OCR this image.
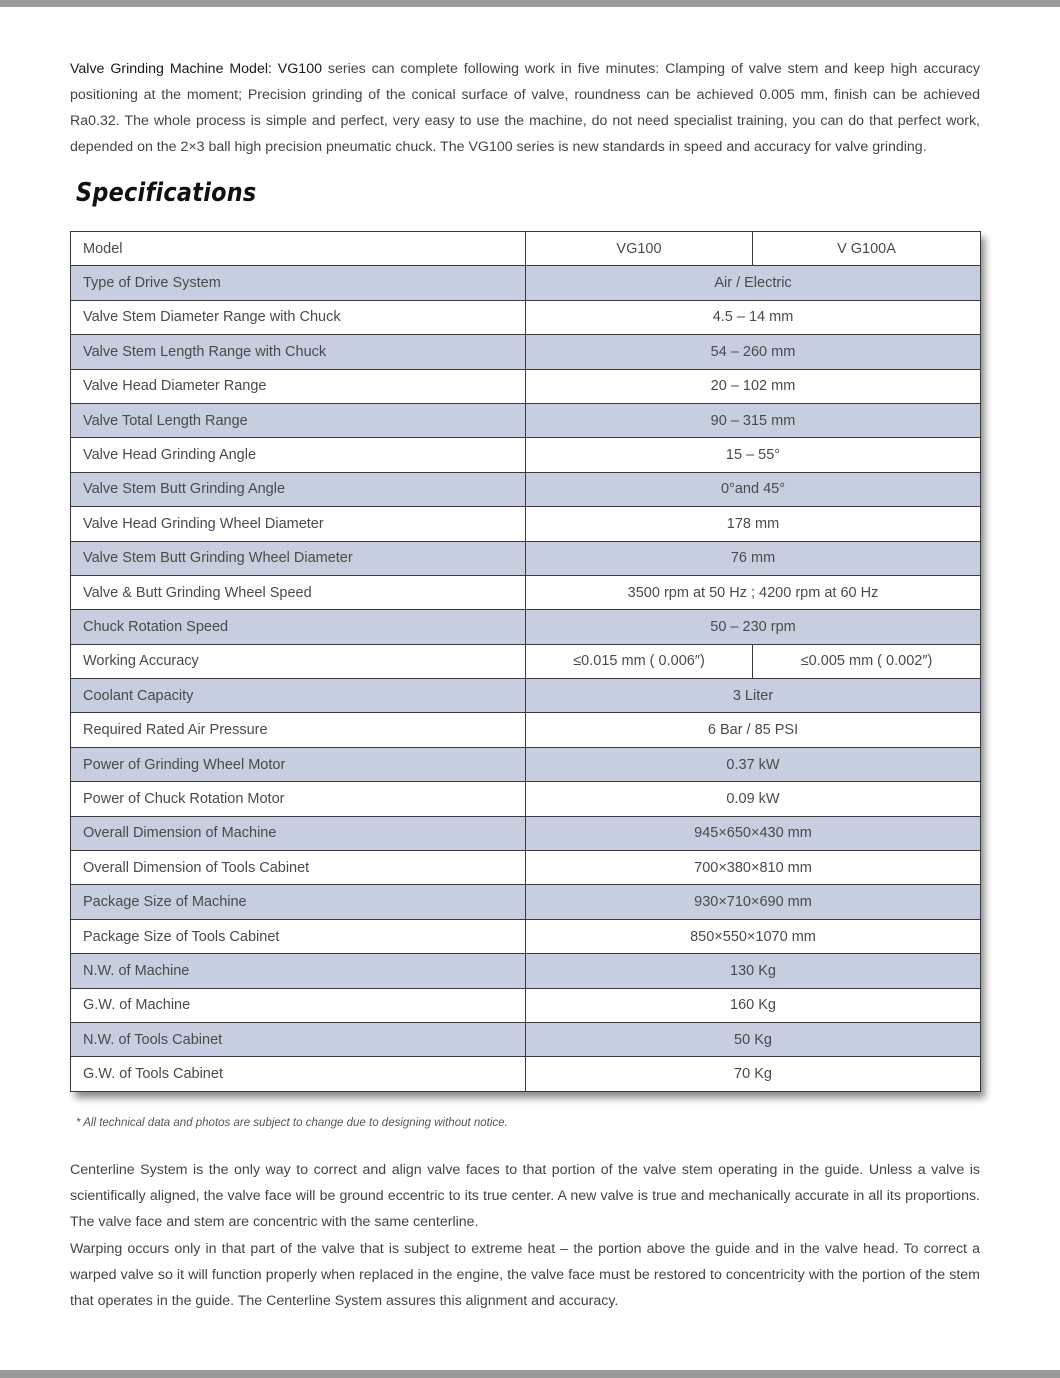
Valve Grinding Machine Model: VG100 series can complete following work in five minutes: Clamping of valve stem and keep high accuracy positioning at the moment; Precision grinding of the conical surface of valve, roundness can be achieved 0.005 mm, finish can be achieved Ra0.32. The whole process is simple and perfect, very easy to use the machine, do not need specialist training, you can do that perfect work, depended on the 2×3 ball high precision pneumatic chuck. The VG100 series is new standards in speed and accuracy for valve grinding.

Specifications
Model	VG100	V G100A
Type of Drive System	Air / Electric	
Valve Stem Diameter Range with Chuck	4.5 – 14 mm	
Valve Stem Length Range with Chuck	54 – 260 mm	
Valve Head Diameter Range	20 – 102 mm	
Valve Total Length Range	90 – 315 mm	
Valve Head Grinding Angle	15 – 55°	
Valve Stem Butt Grinding Angle	0°and 45°	
Valve Head Grinding Wheel Diameter	178 mm	
Valve Stem Butt Grinding Wheel Diameter	76 mm	
Valve & Butt Grinding Wheel Speed	3500 rpm at 50 Hz ; 4200 rpm at 60 Hz	
Chuck Rotation Speed	50 – 230 rpm	
Working Accuracy	≤0.015 mm ( 0.006″)	≤0.005 mm ( 0.002″)
Coolant Capacity	3 Liter	
Required Rated Air Pressure	6 Bar / 85 PSI	
Power of Grinding Wheel Motor	0.37 kW	
Power of Chuck Rotation Motor	0.09 kW	
Overall Dimension of Machine	945×650×430 mm	
Overall Dimension of Tools Cabinet	700×380×810 mm	
Package Size of Machine	930×710×690 mm	
Package Size of Tools Cabinet	850×550×1070 mm	
N.W. of Machine	130 Kg	
G.W. of Machine	160 Kg	
N.W. of Tools Cabinet	50 Kg	
G.W. of Tools Cabinet	70 Kg	

* All technical data and photos are subject to change due to designing without notice.

Centerline System is the only way to correct and align valve faces to that portion of the valve stem operating in the guide. Unless a valve is scientifically aligned, the valve face will be ground eccentric to its true center. A new valve is true and mechanically accurate in all its proportions. The valve face and stem are concentric with the same centerline.

Warping occurs only in that part of the valve that is subject to extreme heat – the portion above the guide and in the valve head. To correct a warped valve so it will function properly when replaced in the engine, the valve face must be restored to concentricity with the portion of the stem that operates in the guide. The Centerline System assures this alignment and accuracy.
